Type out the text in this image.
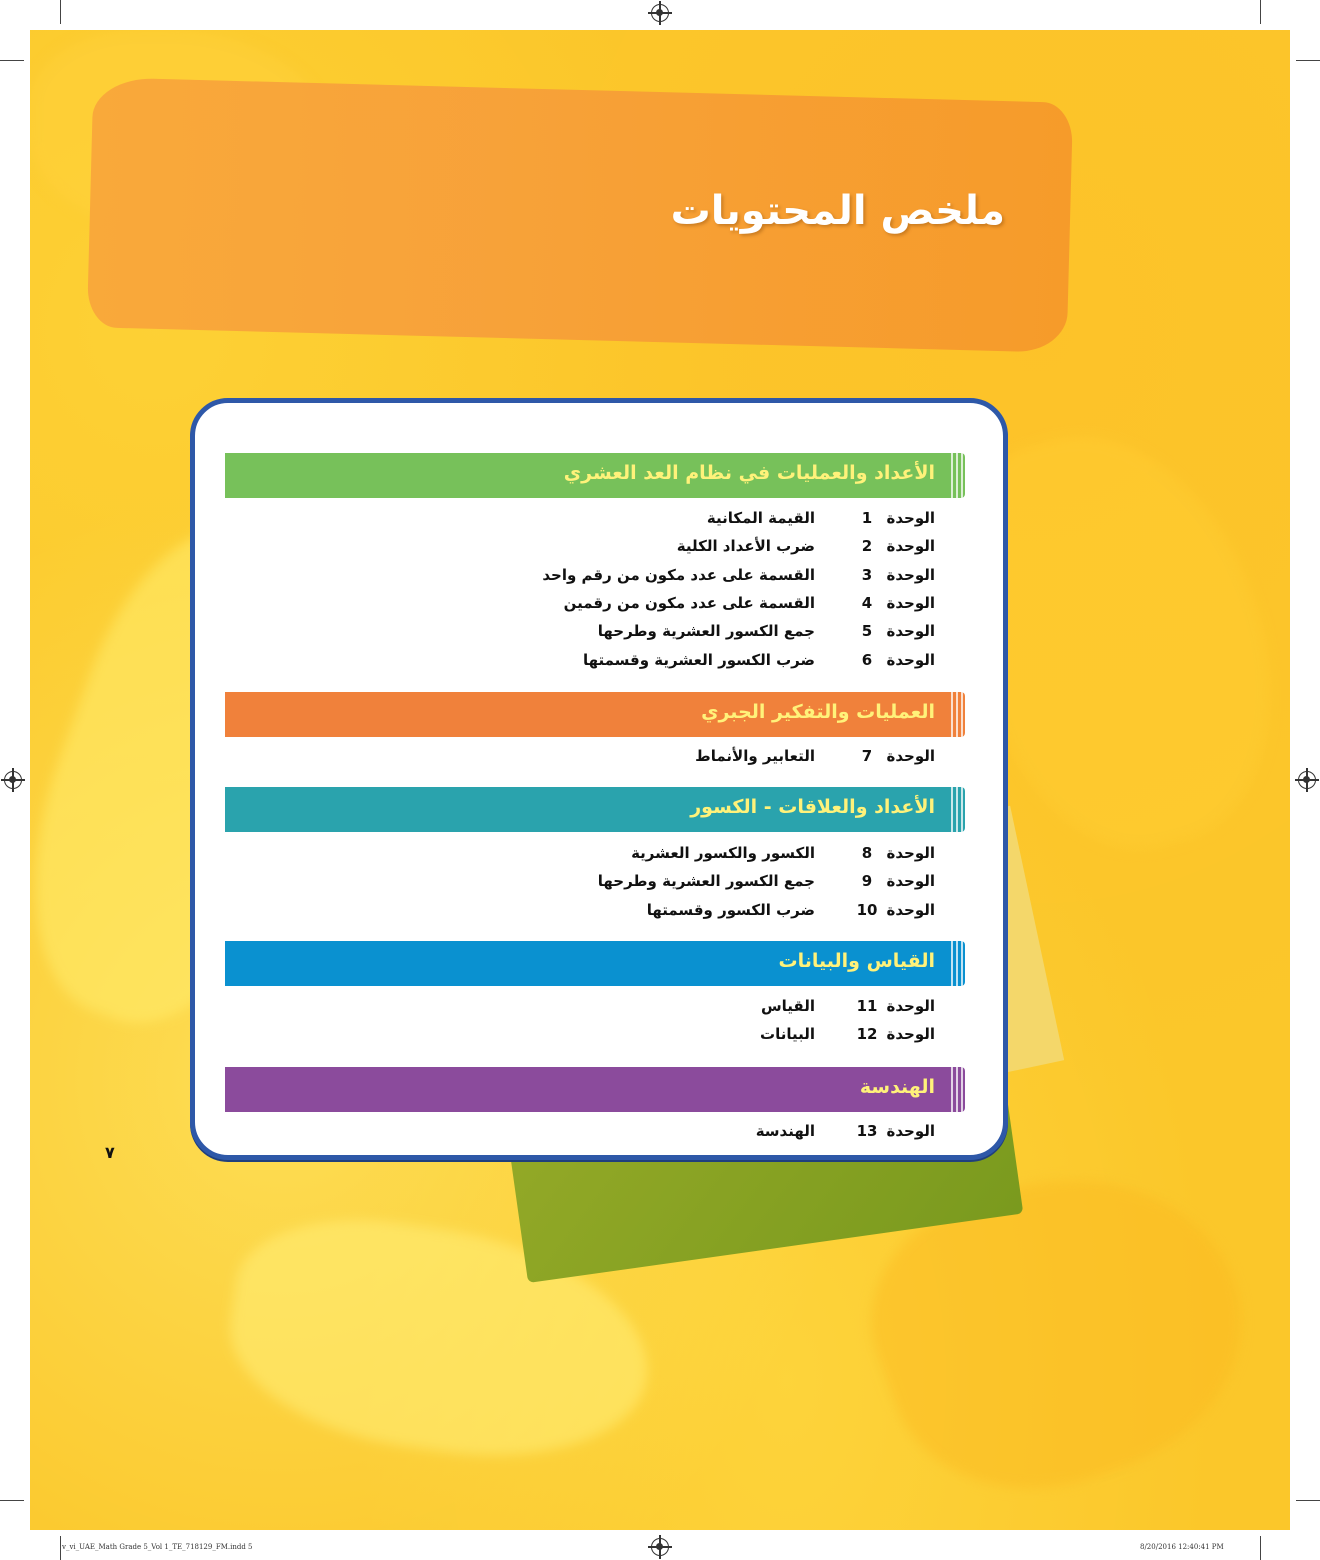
ملخص المحتويات
الأعداد والعمليات في نظام العد العشري
الوحدة
1
القيمة المكانية
الوحدة
2
ضرب الأعداد الكلية
الوحدة
3
القسمة على عدد مكون من رقم واحد
الوحدة
4
القسمة على عدد مكون من رقمين
الوحدة
5
جمع الكسور العشرية وطرحها
الوحدة
6
ضرب الكسور العشرية وقسمتها
العمليات والتفكير الجبري
الوحدة
7
التعابير والأنماط
الأعداد والعلاقات - الكسور
الوحدة
8
الكسور والكسور العشرية
الوحدة
9
جمع الكسور العشرية وطرحها
الوحدة
10
ضرب الكسور وقسمتها
القياس والبيانات
الوحدة
11
القياس
الوحدة
12
البيانات
الهندسة
الوحدة
13
الهندسة
٧
v_vi_UAE_Math Grade 5_Vol 1_TE_718129_FM.indd 5	8/20/2016 12:40:41 PM
